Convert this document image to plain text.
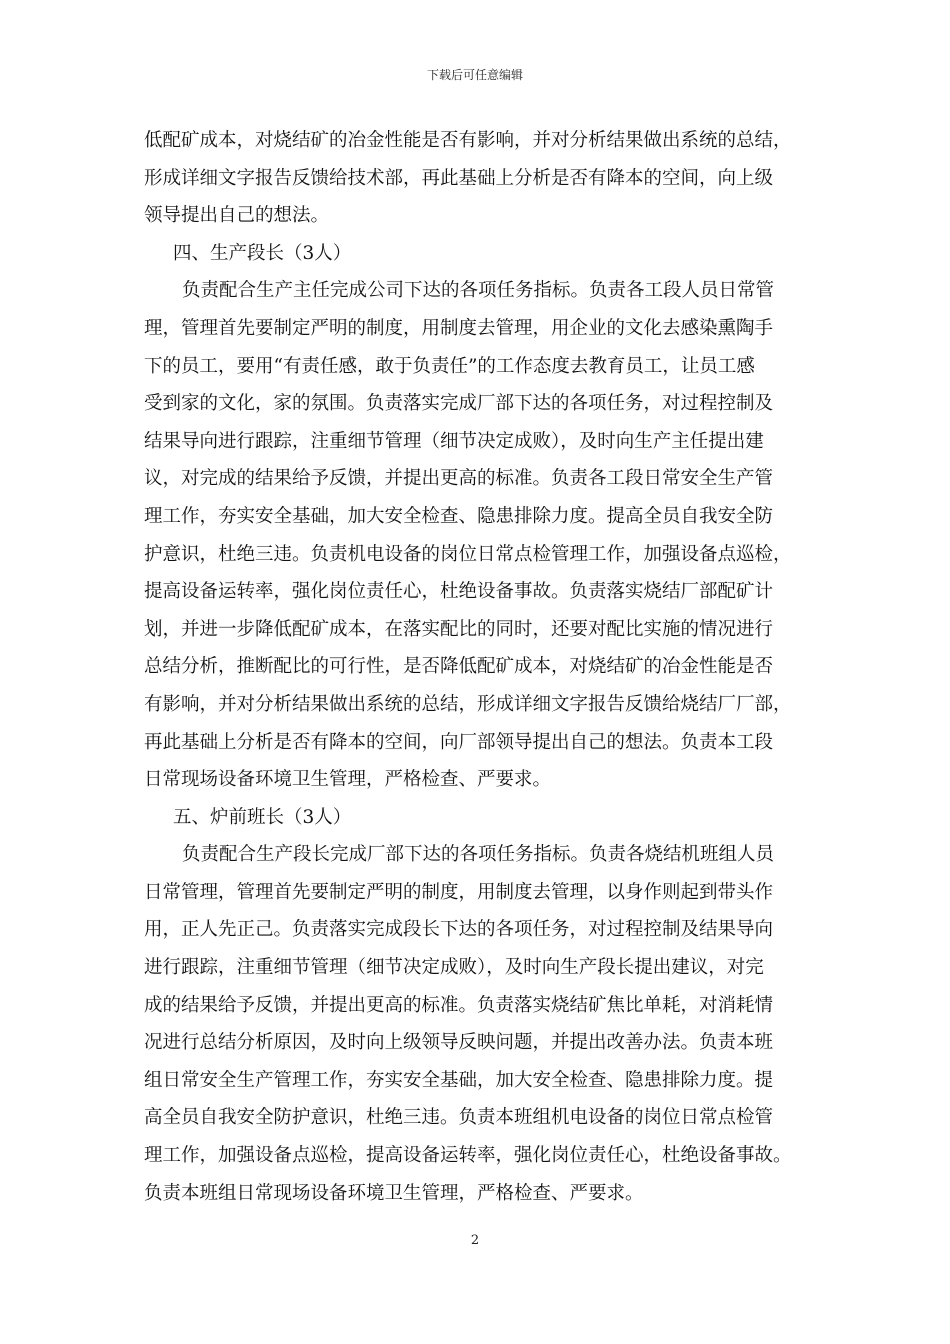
下载后可任意编辑
低配矿成本，对烧结矿的冶金性能是否有影响，并对分析结果做出系统的总结，
形成详细文字报告反馈给技术部，再此基础上分析是否有降本的空间，向上级
领导提出自己的想法。
四、生产段长（3人）
负责配合生产主任完成公司下达的各项任务指标。负责各工段人员日常管
理，管理首先要制定严明的制度，用制度去管理，用企业的文化去感染熏陶手
下的员工，要用“有责任感，敢于负责任”的工作态度去教育员工，让员工感
受到家的文化，家的氛围。负责落实完成厂部下达的各项任务，对过程控制及
结果导向进行跟踪，注重细节管理（细节决定成败），及时向生产主任提出建
议，对完成的结果给予反馈，并提出更高的标准。负责各工段日常安全生产管
理工作，夯实安全基础，加大安全检查、隐患排除力度。提高全员自我安全防
护意识，杜绝三违。负责机电设备的岗位日常点检管理工作，加强设备点巡检，
提高设备运转率，强化岗位责任心，杜绝设备事故。负责落实烧结厂部配矿计
划，并进一步降低配矿成本，在落实配比的同时，还要对配比实施的情况进行
总结分析，推断配比的可行性，是否降低配矿成本，对烧结矿的冶金性能是否
有影响，并对分析结果做出系统的总结，形成详细文字报告反馈给烧结厂厂部，
再此基础上分析是否有降本的空间，向厂部领导提出自己的想法。负责本工段
日常现场设备环境卫生管理，严格检查、严要求。
五、炉前班长（3人）
负责配合生产段长完成厂部下达的各项任务指标。负责各烧结机班组人员
日常管理，管理首先要制定严明的制度，用制度去管理，以身作则起到带头作
用，正人先正己。负责落实完成段长下达的各项任务，对过程控制及结果导向
进行跟踪，注重细节管理（细节决定成败），及时向生产段长提出建议，对完
成的结果给予反馈，并提出更高的标准。负责落实烧结矿焦比单耗，对消耗情
况进行总结分析原因，及时向上级领导反映问题，并提出改善办法。负责本班
组日常安全生产管理工作，夯实安全基础，加大安全检查、隐患排除力度。提
高全员自我安全防护意识，杜绝三违。负责本班组机电设备的岗位日常点检管
理工作，加强设备点巡检，提高设备运转率，强化岗位责任心，杜绝设备事故。
负责本班组日常现场设备环境卫生管理，严格检查、严要求。
2
